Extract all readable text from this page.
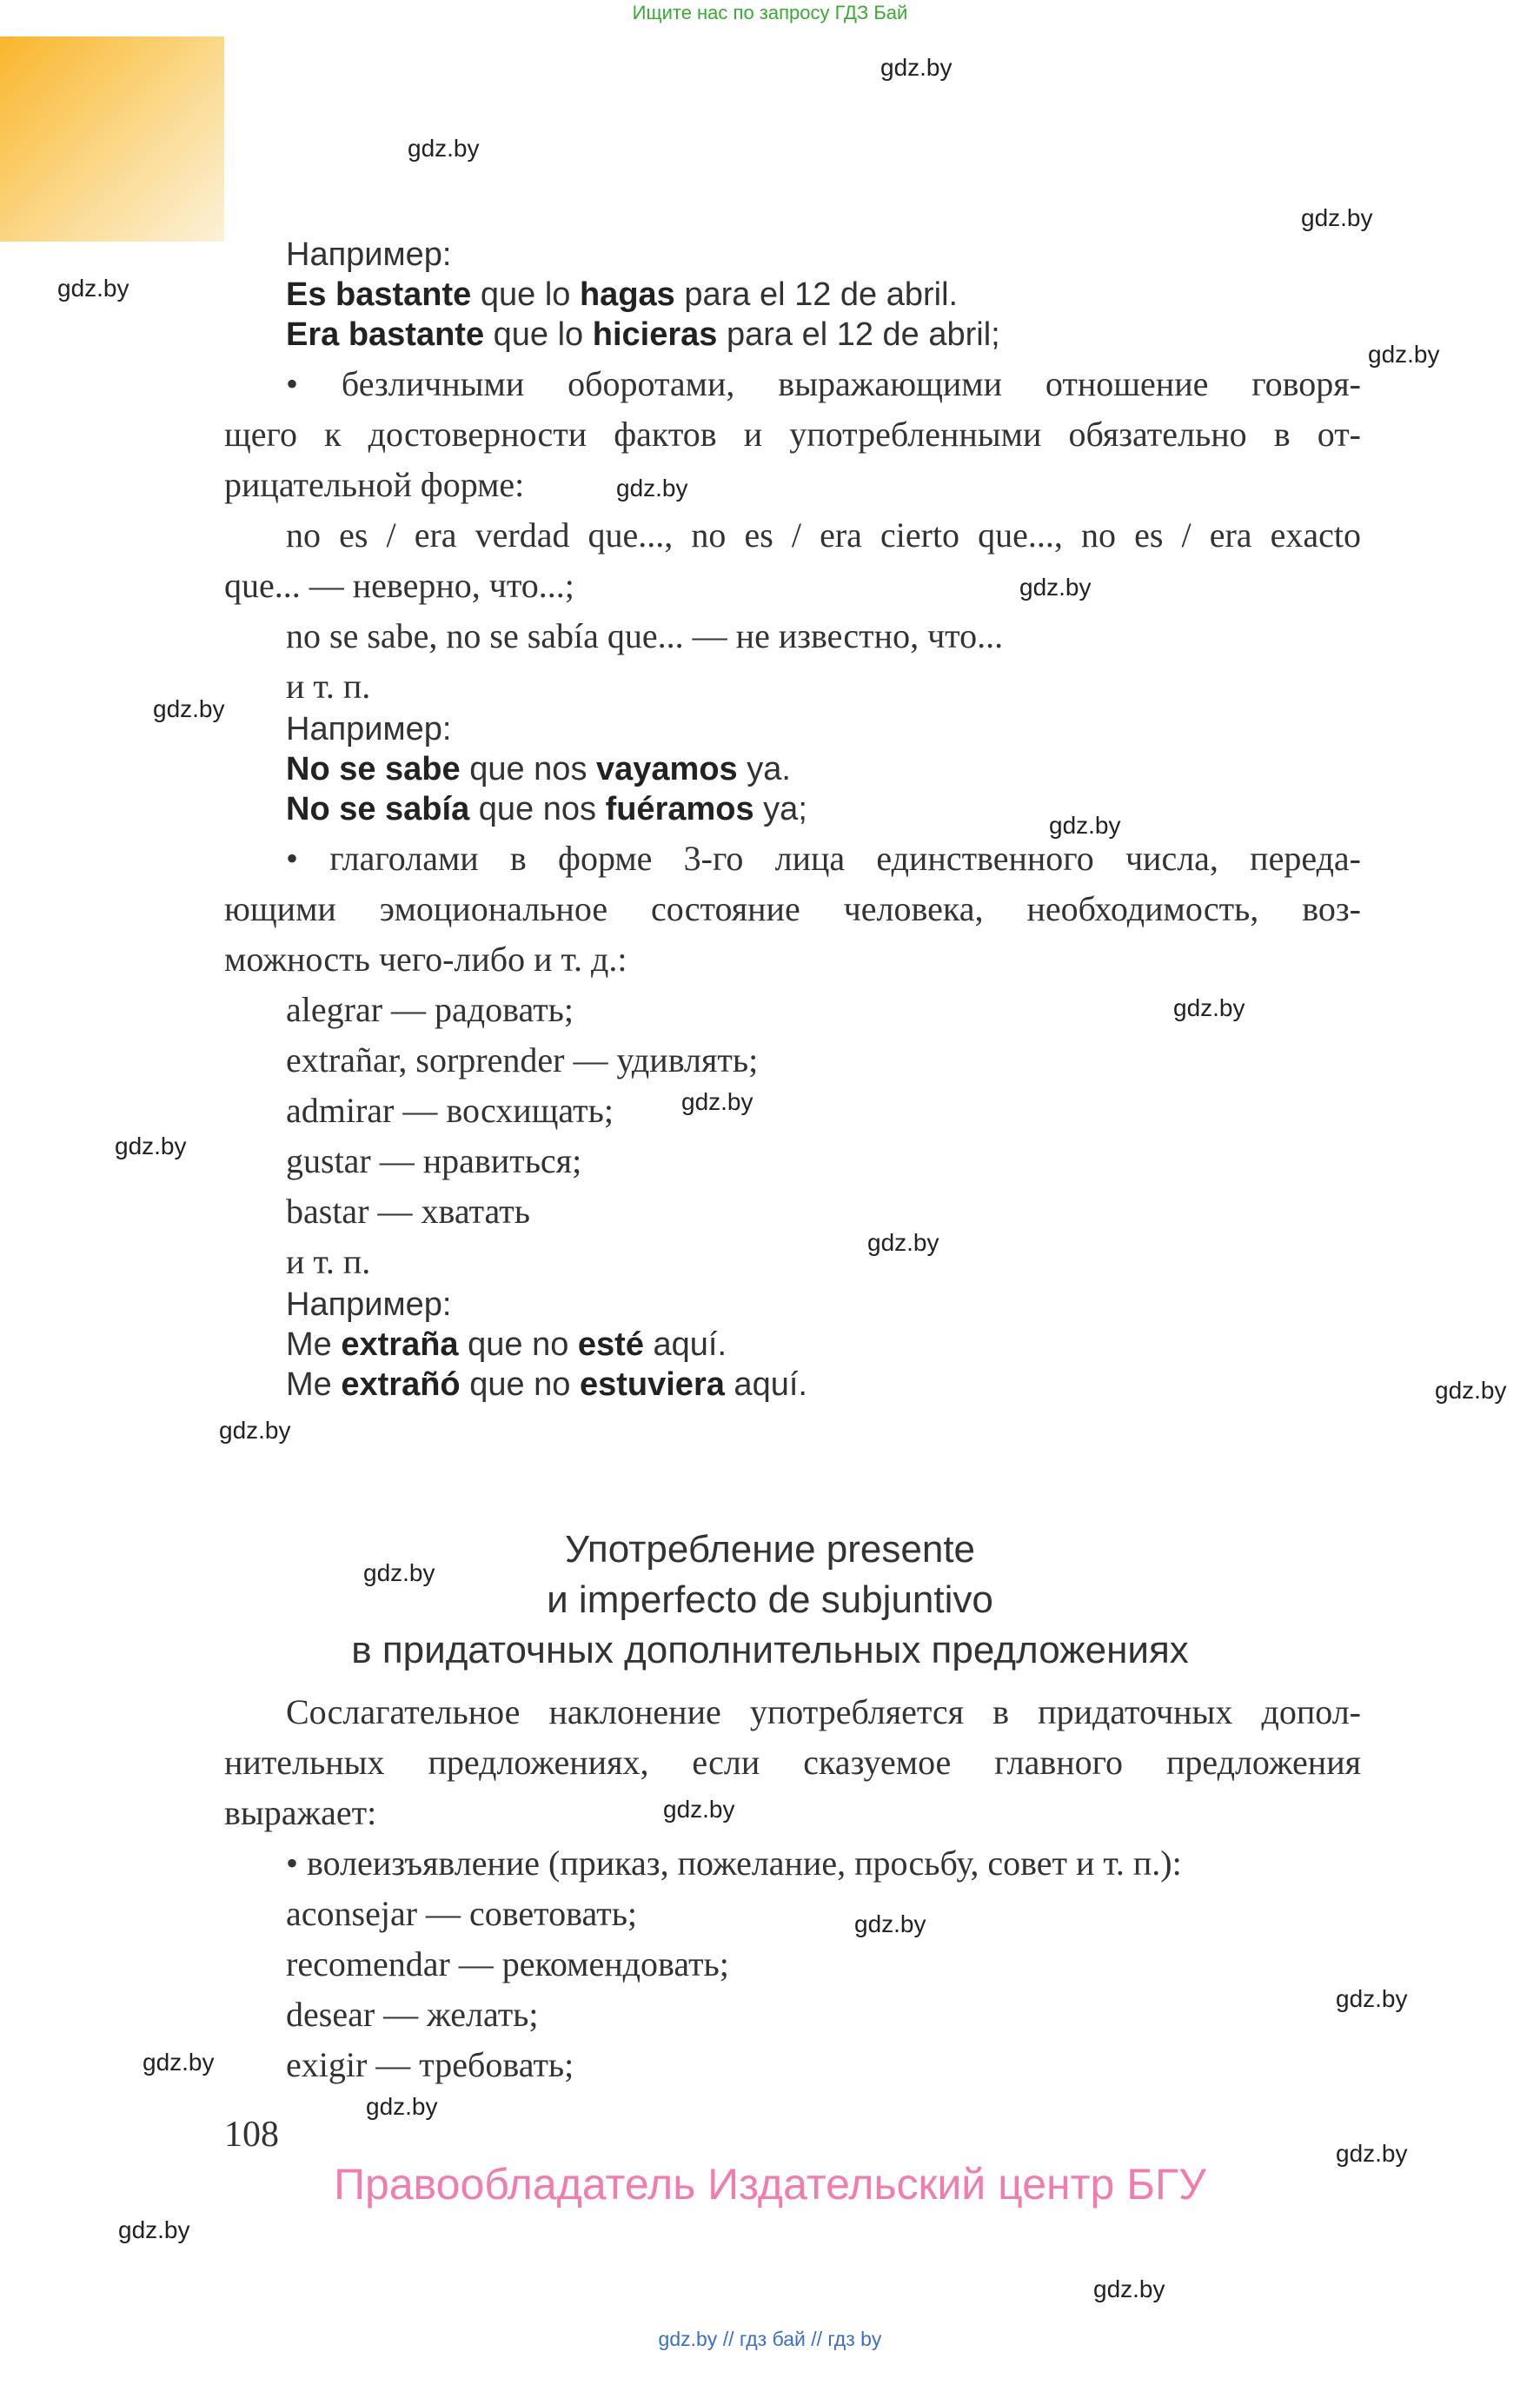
Ищите нас по запросу ГДЗ Бай
gdz.by
gdz.by
gdz.by
gdz.by
gdz.by
gdz.by
gdz.by
gdz.by
gdz.by
gdz.by
gdz.by
gdz.by
gdz.by
gdz.by
gdz.by
gdz.by
gdz.by
gdz.by
gdz.by
gdz.by
gdz.by
gdz.by
gdz.by
gdz.by
Например:
Es bastante que lo hagas para el 12 de abril.
Era bastante que lo hicieras para el 12 de abril;
• безличными оборотами, выражающими отношение говоря-
щего к достоверности фактов и употребленными обязательно в от-
рицательной форме:
no es / era verdad que..., no es / era cierto que..., no es / era exacto
que... — неверно, что...;
no se sabe, no se sabía que... — не известно, что...
и т. п.
Например:
No se sabe que nos vayamos ya.
No se sabía que nos fuéramos ya;
• глаголами в форме 3-го лица единственного числа, переда-
ющими эмоциональное состояние человека, необходимость, воз-
можность чего-либо и т. д.:
alegrar — радовать;
extrañar, sorprender — удивлять;
admirar — восхищать;
gustar — нравиться;
bastar — хватать
и т. п.
Например:
Me extraña que no esté aquí.
Me extrañó que no estuviera aquí.
Употребление presente
и imperfecto de subjuntivo
в придаточных дополнительных предложениях
Сослагательное наклонение употребляется в придаточных допол-
нительных предложениях, если сказуемое главного предложения
выражает:
• волеизъявление (приказ, пожелание, просьбу, совет и т. п.):
aconsejar — советовать;
recomendar — рекомендовать;
desear — желать;
exigir — требовать;
108
Правообладатель Издательский центр БГУ
gdz.by // гдз бай // гдз by
